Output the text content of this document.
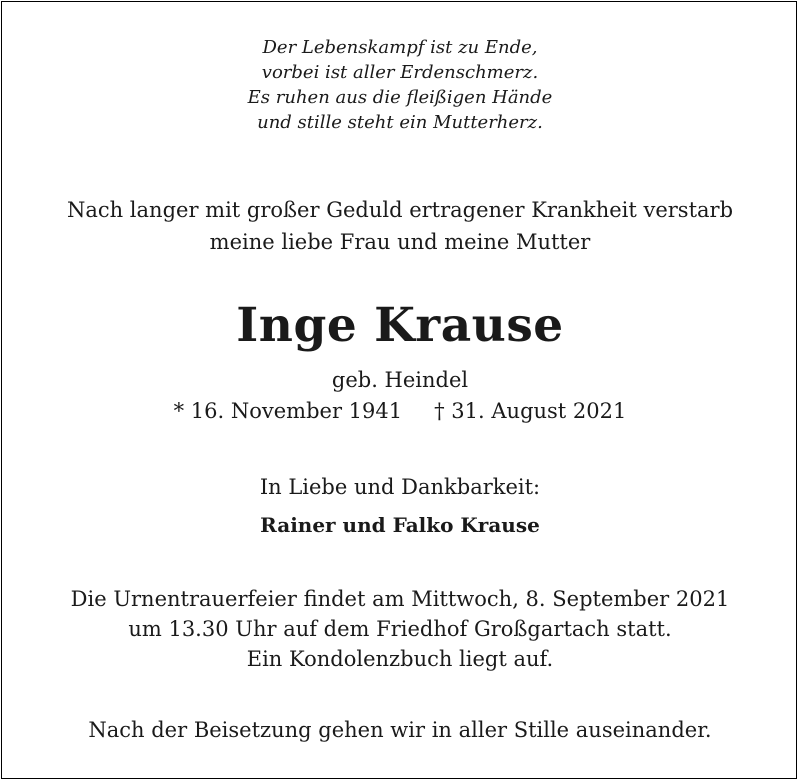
Der Lebenskampf ist zu Ende,
vorbei ist aller Erdenschmerz.
Es ruhen aus die fleißigen Hände
und stille steht ein Mutterherz.
Nach langer mit großer Geduld ertragener Krankheit verstarb
meine liebe Frau und meine Mutter
Inge Krause
geb. Heindel
* 16. November 1941 † 31. August 2021
In Liebe und Dankbarkeit:
Rainer und Falko Krause
Die Urnentrauerfeier findet am Mittwoch, 8. September 2021
um 13.30 Uhr auf dem Friedhof Großgartach statt.
Ein Kondolenzbuch liegt auf.
Nach der Beisetzung gehen wir in aller Stille auseinander.
